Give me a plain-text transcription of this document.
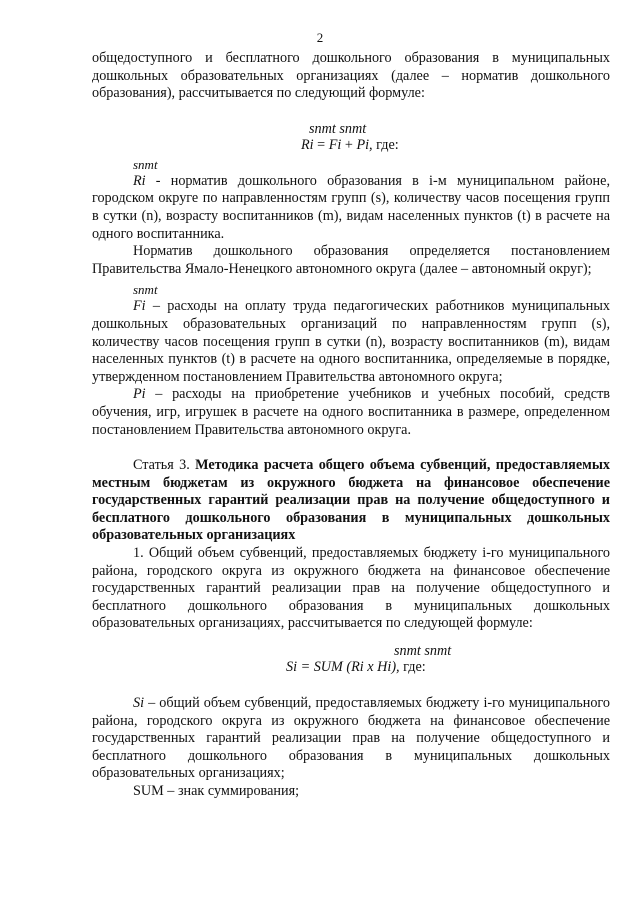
2

общедоступного и бесплатного дошкольного образования в муниципальных дошкольных образовательных организациях (далее – норматив дошкольного образования), рассчитывается по следующий формуле:

snmt snmt
Ri = Fi + Pi, где:
snmt

Ri - норматив дошкольного образования в i-м муниципальном районе, городском округе по направленностям групп (s), количеству часов посещения групп в сутки (n), возрасту воспитанников (m), видам населенных пунктов (t) в расчете на одного воспитанника.

Норматив дошкольного образования определяется постановлением Правительства Ямало-Ненецкого автономного округа (далее – автономный округ);

snmt

Fi – расходы на оплату труда педагогических работников муниципальных дошкольных образовательных организаций по направленностям групп (s), количеству часов посещения групп в сутки (n), возрасту воспитанников (m), видам населенных пунктов (t) в расчете на одного воспитанника, определяемые в порядке, утвержденном постановлением Правительства автономного округа;

Pi – расходы на приобретение учебников и учебных пособий, средств обучения, игр, игрушек в расчете на одного воспитанника в размере, определенном постановлением Правительства автономного округа.

Статья 3. Методика расчета общего объема субвенций, предоставляемых местным бюджетам из окружного бюджета на финансовое обеспечение государственных гарантий реализации прав на получение общедоступного и бесплатного дошкольного образования в муниципальных дошкольных образовательных организациях

1. Общий объем субвенций, предоставляемых бюджету i-го муниципального района, городского округа из окружного бюджета на финансовое обеспечение государственных гарантий реализации прав на получение общедоступного и бесплатного дошкольного образования в муниципальных дошкольных образовательных организациях, рассчитывается по следующей формуле:

snmt snmt
Si = SUM (Ri x Hi), где:

Si – общий объем субвенций, предоставляемых бюджету i-го муниципального района, городского округа из окружного бюджета на финансовое обеспечение государственных гарантий реализации прав на получение общедоступного и бесплатного дошкольного образования в муниципальных дошкольных образовательных организациях;

SUM – знак суммирования;
